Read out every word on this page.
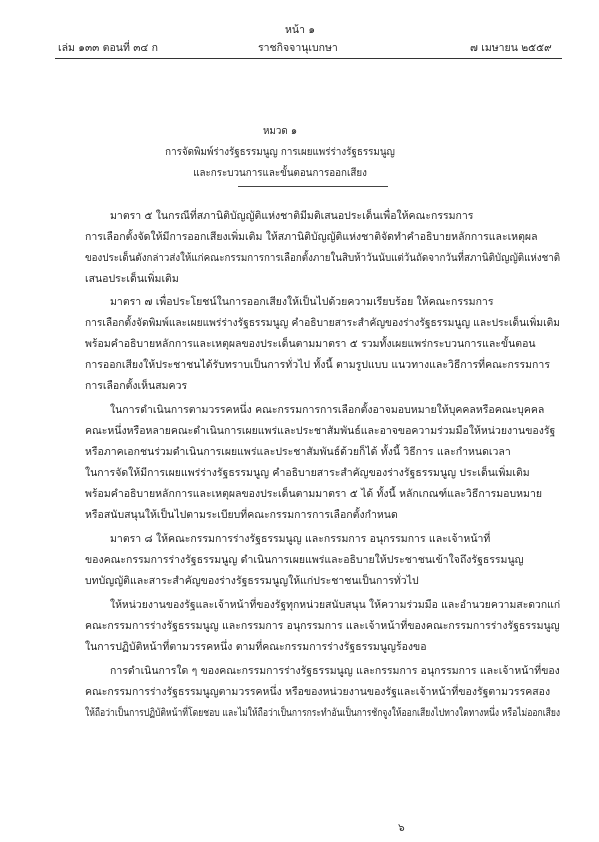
หน้า ๑
เล่ม ๑๓๓ ตอนที่ ๓๔ ก	ราชกิจจานุเบกษา	๗ เมษายน ๒๕๕๙
หมวด ๑
การจัดพิมพ์ร่างรัฐธรรมนูญ การเผยแพร่ร่างรัฐธรรมนูญ
และกระบวนการและขั้นตอนการออกเสียง
มาตรา ๕ ในกรณีที่สภานิติบัญญัติแห่งชาติมีมติเสนอประเด็นเพื่อให้คณะกรรมการ
การเลือกตั้งจัดให้มีการออกเสียงเพิ่มเติม ให้สภานิติบัญญัติแห่งชาติจัดทำคำอธิบายหลักการและเหตุผล
ของประเด็นดังกล่าวส่งให้แก่คณะกรรมการการเลือกตั้งภายในสิบห้าวันนับแต่วันถัดจากวันที่สภานิติบัญญัติแห่งชาติ
เสนอประเด็นเพิ่มเติม
มาตรา ๗ เพื่อประโยชน์ในการออกเสียงให้เป็นไปด้วยความเรียบร้อย ให้คณะกรรมการ
การเลือกตั้งจัดพิมพ์และเผยแพร่ร่างรัฐธรรมนูญ คำอธิบายสาระสำคัญของร่างรัฐธรรมนูญ และประเด็นเพิ่มเติม
พร้อมคำอธิบายหลักการและเหตุผลของประเด็นตามมาตรา ๕ รวมทั้งเผยแพร่กระบวนการและขั้นตอน
การออกเสียงให้ประชาชนได้รับทราบเป็นการทั่วไป ทั้งนี้ ตามรูปแบบ แนวทางและวิธีการที่คณะกรรมการ
การเลือกตั้งเห็นสมควร
ในการดำเนินการตามวรรคหนึ่ง คณะกรรมการการเลือกตั้งอาจมอบหมายให้บุคคลหรือคณะบุคคล
คณะหนึ่งหรือหลายคณะดำเนินการเผยแพร่และประชาสัมพันธ์และอาจขอความร่วมมือให้หน่วยงานของรัฐ
หรือภาคเอกชนร่วมดำเนินการเผยแพร่และประชาสัมพันธ์ด้วยก็ได้ ทั้งนี้ วิธีการ และกำหนดเวลา
ในการจัดให้มีการเผยแพร่ร่างรัฐธรรมนูญ คำอธิบายสาระสำคัญของร่างรัฐธรรมนูญ ประเด็นเพิ่มเติม
พร้อมคำอธิบายหลักการและเหตุผลของประเด็นตามมาตรา ๕ ได้ ทั้งนี้ หลักเกณฑ์และวิธีการมอบหมาย
หรือสนับสนุนให้เป็นไปตามระเบียบที่คณะกรรมการการเลือกตั้งกำหนด
มาตรา ๘ ให้คณะกรรมการร่างรัฐธรรมนูญ และกรรมการ อนุกรรมการ และเจ้าหน้าที่
ของคณะกรรมการร่างรัฐธรรมนูญ ดำเนินการเผยแพร่และอธิบายให้ประชาชนเข้าใจถึงรัฐธรรมนูญ
บทบัญญัติและสาระสำคัญของร่างรัฐธรรมนูญให้แก่ประชาชนเป็นการทั่วไป
ให้หน่วยงานของรัฐและเจ้าหน้าที่ของรัฐทุกหน่วยสนับสนุน ให้ความร่วมมือ และอำนวยความสะดวกแก่
คณะกรรมการร่างรัฐธรรมนูญ และกรรมการ อนุกรรมการ และเจ้าหน้าที่ของคณะกรรมการร่างรัฐธรรมนูญ
ในการปฏิบัติหน้าที่ตามวรรคหนึ่ง ตามที่คณะกรรมการร่างรัฐธรรมนูญร้องขอ
การดำเนินการใด ๆ ของคณะกรรมการร่างรัฐธรรมนูญ และกรรมการ อนุกรรมการ และเจ้าหน้าที่ของ
คณะกรรมการร่างรัฐธรรมนูญตามวรรคหนึ่ง หรือของหน่วยงานของรัฐและเจ้าหน้าที่ของรัฐตามวรรคสอง
ให้ถือว่าเป็นการปฏิบัติหน้าที่โดยชอบ และไม่ให้ถือว่าเป็นการกระทำอันเป็นการชักจูงให้ออกเสียงไปทางใดทางหนึ่ง หรือไม่ออกเสียง
๖
